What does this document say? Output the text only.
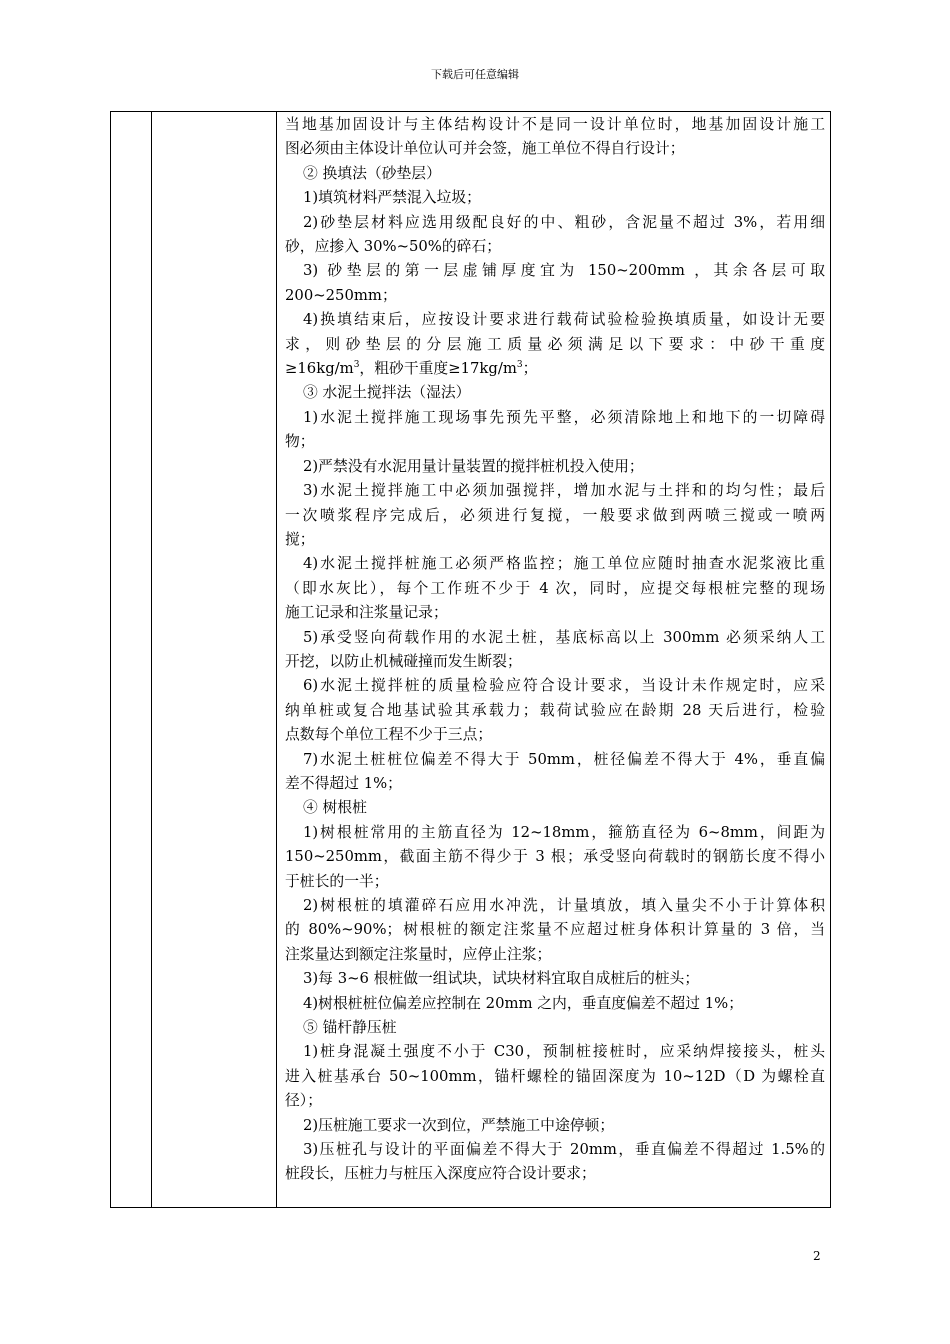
下载后可任意编辑

当地基加固设计与主体结构设计不是同一设计单位时，地基加固设计施工

图必须由主体设计单位认可并会签，施工单位不得自行设计；

② 换填法（砂垫层）

1)填筑材料严禁混入垃圾；

2)砂垫层材料应选用级配良好的中、粗砂，含泥量不超过 3%，若用细

砂，应掺入 30%~50%的碎石；

3) 砂垫层的第一层虚铺厚度宜为 150~200mm ，其余各层可取

200~250mm；

4)换填结束后，应按设计要求进行载荷试验检验换填质量，如设计无要

求，则砂垫层的分层施工质量必须满足以下要求：中砂干重度

$\ge 16kg/m^3$，粗砂干重度$\ge 17kg/m^3$；

③ 水泥土搅拌法（湿法）

1)水泥土搅拌施工现场事先预先平整，必须清除地上和地下的一切障碍

物；

2)严禁没有水泥用量计量装置的搅拌桩机投入使用；

3)水泥土搅拌施工中必须加强搅拌，增加水泥与土拌和的均匀性；最后

一次喷浆程序完成后，必须进行复搅，一般要求做到两喷三搅或一喷两

搅；

4)水泥土搅拌桩施工必须严格监控；施工单位应随时抽查水泥浆液比重

（即水灰比），每个工作班不少于 4 次，同时，应提交每根桩完整的现场

施工记录和注浆量记录；

5)承受竖向荷载作用的水泥土桩，基底标高以上 300mm 必须采纳人工

开挖，以防止机械碰撞而发生断裂；

6)水泥土搅拌桩的质量检验应符合设计要求，当设计未作规定时，应采

纳单桩或复合地基试验其承载力；载荷试验应在龄期 28 天后进行，检验

点数每个单位工程不少于三点；

7)水泥土桩桩位偏差不得大于 50mm，桩径偏差不得大于 4%，垂直偏

差不得超过 1%；

④ 树根桩

1)树根桩常用的主筋直径为 12~18mm，箍筋直径为 6~8mm，间距为

150~250mm，截面主筋不得少于 3 根；承受竖向荷载时的钢筋长度不得小

于桩长的一半；

2)树根桩的填灌碎石应用水冲洗，计量填放，填入量尖不小于计算体积

的 80%~90%；树根桩的额定注浆量不应超过桩身体积计算量的 3 倍，当

注浆量达到额定注浆量时，应停止注浆；

3)每 3~6 根桩做一组试块，试块材料宜取自成桩后的桩头；

4)树根桩桩位偏差应控制在 20mm 之内，垂直度偏差不超过 1%；

⑤ 锚杆静压桩

1)桩身混凝土强度不小于 C30，预制桩接桩时，应采纳焊接接头，桩头

进入桩基承台 50~100mm，锚杆螺栓的锚固深度为 10~12D（D 为螺栓直

径）；

2)压桩施工要求一次到位，严禁施工中途停顿；

3)压桩孔与设计的平面偏差不得大于 20mm，垂直偏差不得超过 1.5%的

桩段长，压桩力与桩压入深度应符合设计要求；

2
